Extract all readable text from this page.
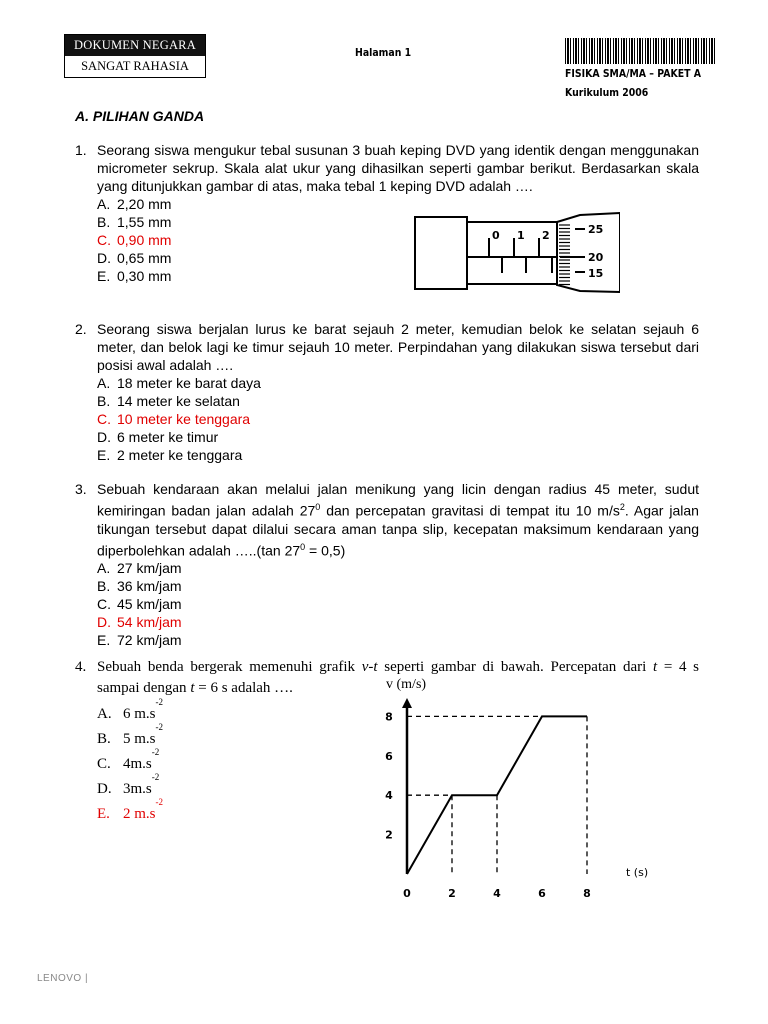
DOKUMEN NEGARA
SANGAT RAHASIA
Halaman 1
FISIKA SMA/MA – PAKET A
Kurikulum 2006
A. PILIHAN GANDA
1. Seorang siswa mengukur tebal susunan 3 buah keping DVD yang identik dengan menggunakan micrometer sekrup. Skala alat ukur yang dihasilkan seperti gambar berikut. Berdasarkan skala yang ditunjukkan gambar di atas, maka tebal 1 keping DVD adalah ….
A. 2,20 mm
B. 1,55 mm
C. 0,90 mm
D. 0,65 mm
E. 0,30 mm
0 1 2	25
20
15
2. Seorang siswa berjalan lurus ke barat sejauh 2 meter, kemudian belok ke selatan sejauh 6 meter, dan belok lagi ke timur sejauh 10 meter. Perpindahan yang dilakukan siswa tersebut dari posisi awal adalah ….
A. 18 meter ke barat daya
B. 14 meter ke selatan
C. 10 meter ke tenggara
D. 6 meter ke timur
E. 2 meter ke tenggara
3. Sebuah kendaraan akan melalui jalan menikung yang licin dengan radius 45 meter, sudut kemiringan badan jalan adalah $27^0$ dan percepatan gravitasi di tempat itu 10 $m/s^2$. Agar jalan tikungan tersebut dapat dilalui secara aman tanpa slip, kecepatan maksimum kendaraan yang diperbolehkan adalah …..(tan $27^0 = 0,5$)
A. 27 km/jam
B. 36 km/jam
C. 45 km/jam
D. 54 km/jam
E. 72 km/jam
4. Sebuah benda bergerak memenuhi grafik v-t seperti gambar di bawah. Percepatan dari t = 4 s sampai dengan t = 6 s adalah ….
A. 6 m.s
-2
B. 5 m.s
-2
C. 4m.s
-2
D. 3m.s
-2
E. 2 m.s
-2
v (m/s)
t (s)
0	2	4	6	8
2
4
6
8
LENOVO |
